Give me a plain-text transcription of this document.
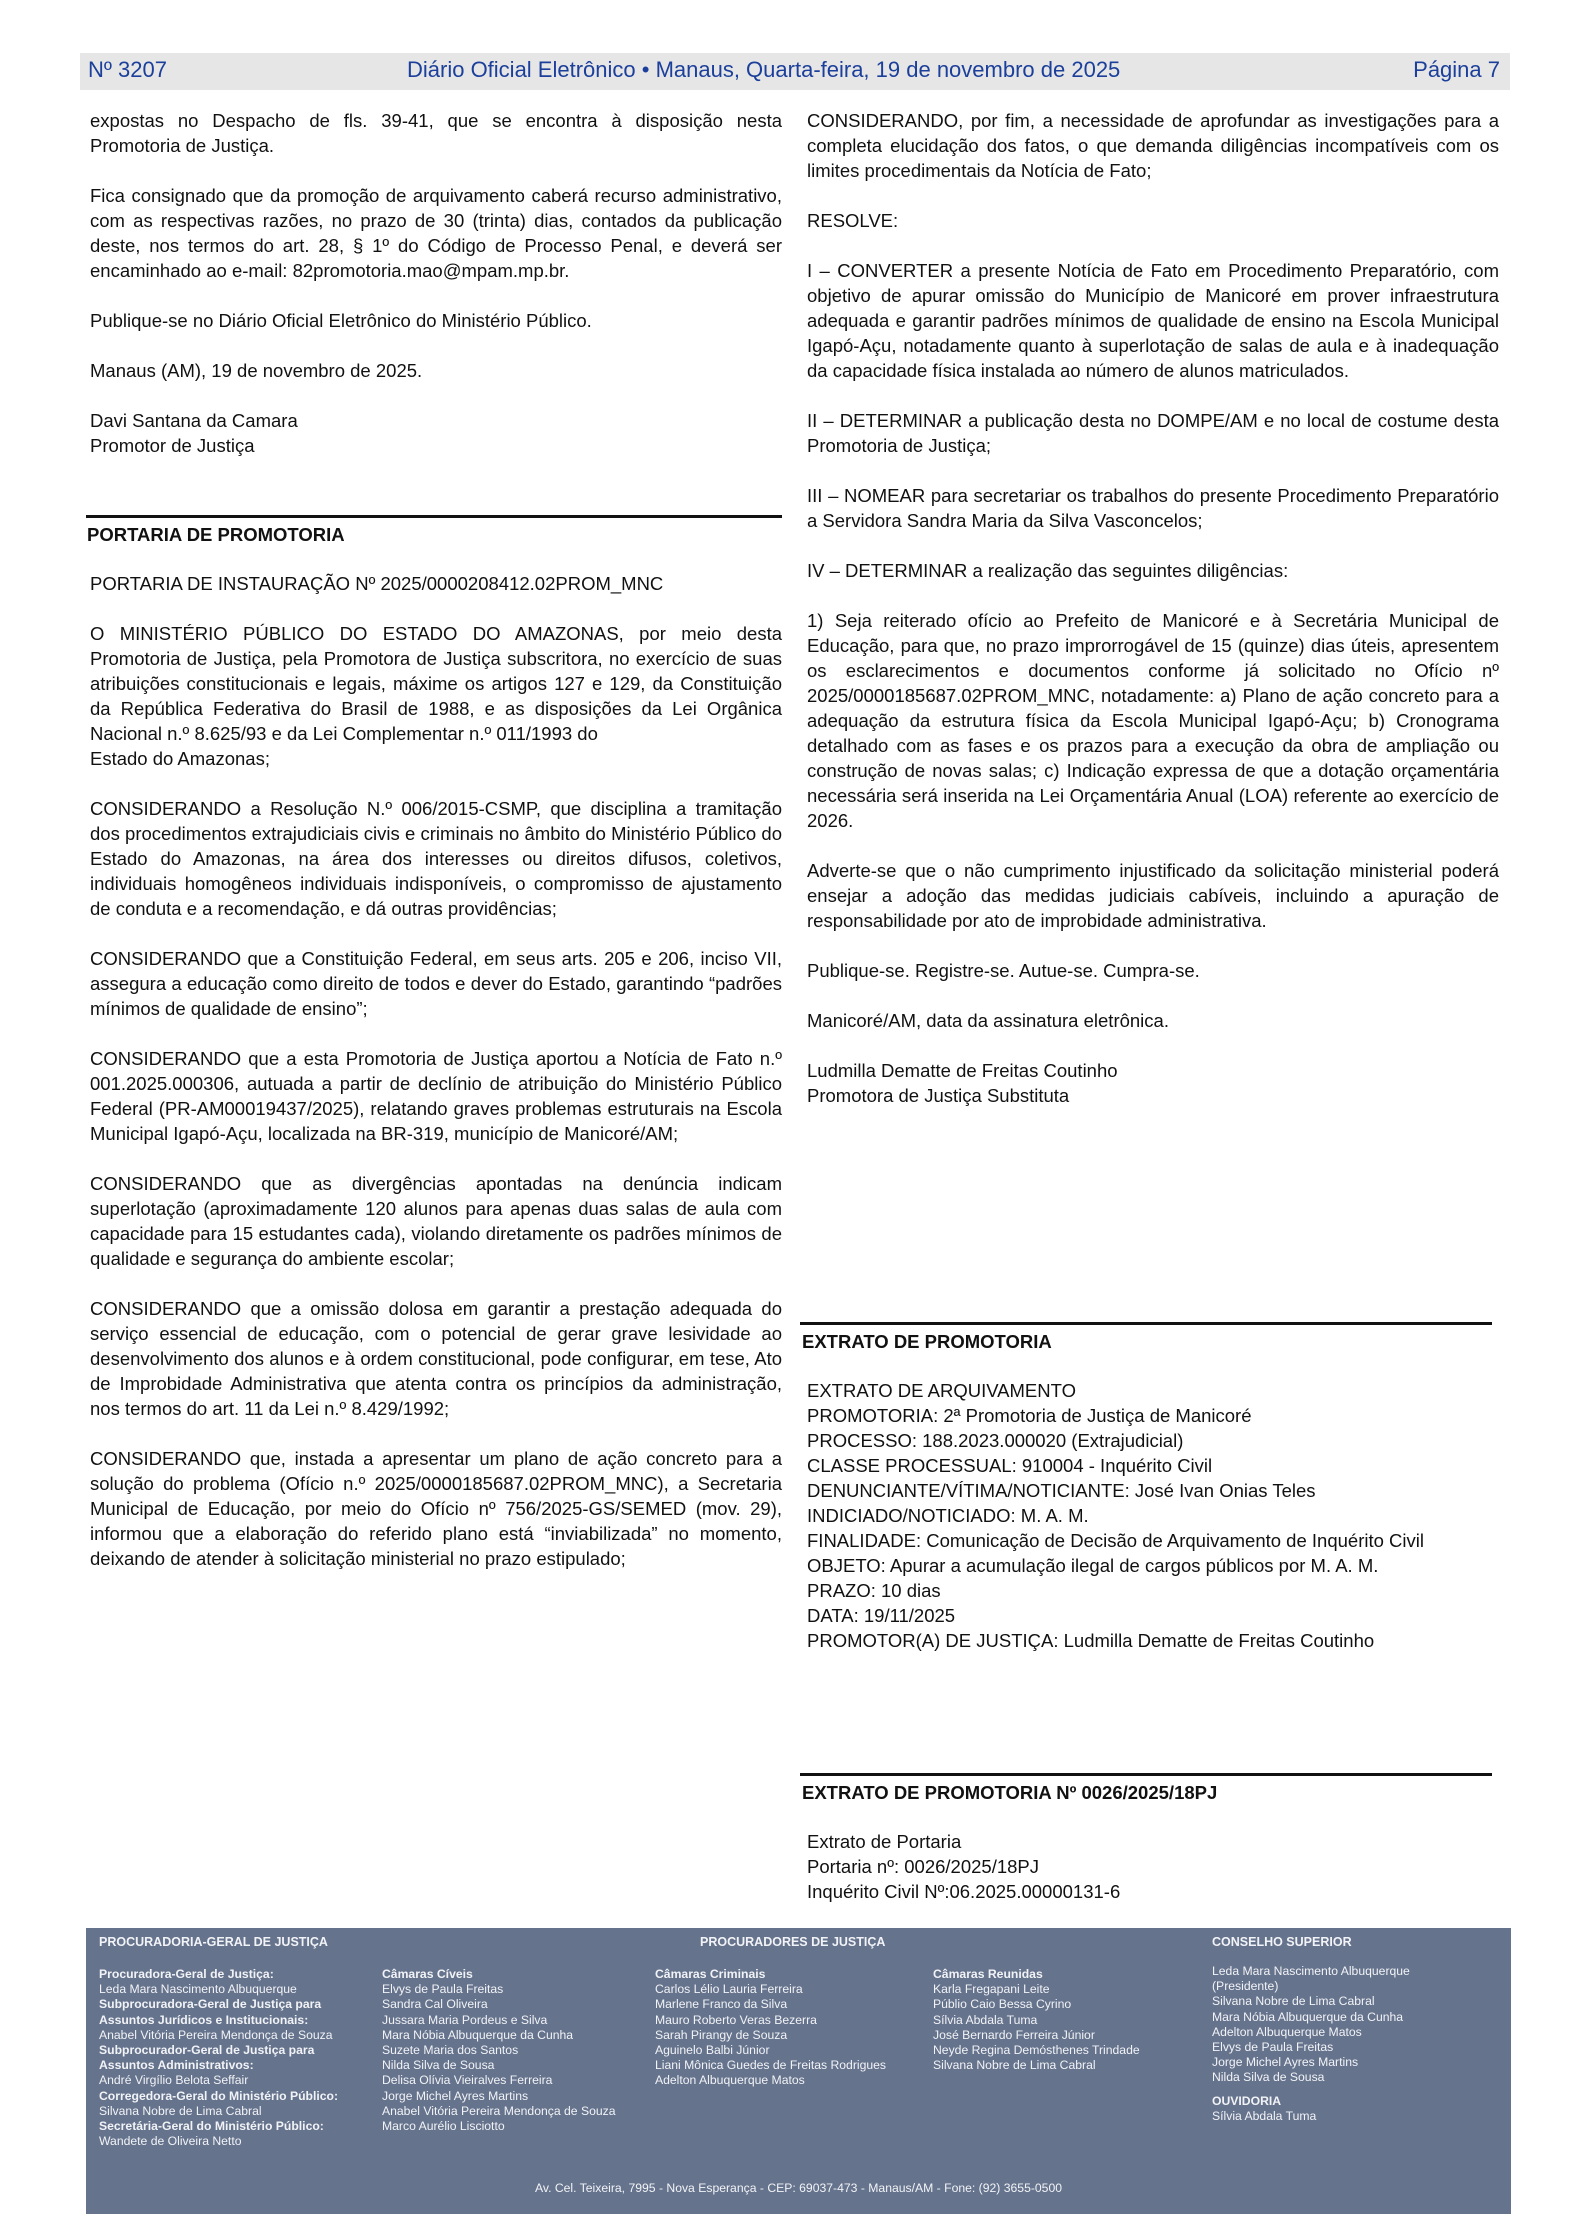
Nº 3207	Diário Oficial Eletrônico • Manaus, Quarta-feira, 19 de novembro de 2025	Página 7

expostas no Despacho de fls. 39-41, que se encontra à disposição nesta Promotoria de Justiça.

Fica consignado que da promoção de arquivamento caberá recurso administrativo, com as respectivas razões, no prazo de 30 (trinta) dias, contados da publicação deste, nos termos do art. 28, § 1º do Código de Processo Penal, e deverá ser encaminhado ao e-mail: 82promotoria.mao@mpam.mp.br.

Publique-se no Diário Oficial Eletrônico do Ministério Público.

Manaus (AM), 19 de novembro de 2025.

Davi Santana da Camara
Promotor de Justiça
PORTARIA DE PROMOTORIA

PORTARIA DE INSTAURAÇÃO Nº 2025/0000208412.02PROM_MNC

O MINISTÉRIO PÚBLICO DO ESTADO DO AMAZONAS, por meio desta Promotoria de Justiça, pela Promotora de Justiça subscritora, no exercício de suas atribuições constitucionais e legais, máxime os artigos 127 e 129, da Constituição da República Federativa do Brasil de 1988, e as disposições da Lei Orgânica Nacional n.º 8.625/93 e da Lei Complementar n.º 011/1993 do

Estado do Amazonas;

CONSIDERANDO a Resolução N.º 006/2015-CSMP, que disciplina a tramitação dos procedimentos extrajudiciais civis e criminais no âmbito do Ministério Público do Estado do Amazonas, na área dos interesses ou direitos difusos, coletivos, individuais homogêneos individuais indisponíveis, o compromisso de ajustamento de conduta e a recomendação, e dá outras providências;

CONSIDERANDO que a Constituição Federal, em seus arts. 205 e 206, inciso VII, assegura a educação como direito de todos e dever do Estado, garantindo “padrões mínimos de qualidade de ensino”;

CONSIDERANDO que a esta Promotoria de Justiça aportou a Notícia de Fato n.º 001.2025.000306, autuada a partir de declínio de atribuição do Ministério Público Federal (PR-AM00019437/2025), relatando graves problemas estruturais na Escola Municipal Igapó-Açu, localizada na BR-319, município de Manicoré/AM;

CONSIDERANDO que as divergências apontadas na denúncia indicam superlotação (aproximadamente 120 alunos para apenas duas salas de aula com capacidade para 15 estudantes cada), violando diretamente os padrões mínimos de qualidade e segurança do ambiente escolar;

CONSIDERANDO que a omissão dolosa em garantir a prestação adequada do serviço essencial de educação, com o potencial de gerar grave lesividade ao desenvolvimento dos alunos e à ordem constitucional, pode configurar, em tese, Ato de Improbidade Administrativa que atenta contra os princípios da administração, nos termos do art. 11 da Lei n.º 8.429/1992;

CONSIDERANDO que, instada a apresentar um plano de ação concreto para a solução do problema (Ofício n.º 2025/0000185687.02PROM_MNC), a Secretaria Municipal de Educação, por meio do Ofício nº 756/2025-GS/SEMED (mov. 29), informou que a elaboração do referido plano está “inviabilizada” no momento, deixando de atender à solicitação ministerial no prazo estipulado;

CONSIDERANDO, por fim, a necessidade de aprofundar as investigações para a completa elucidação dos fatos, o que demanda diligências incompatíveis com os limites procedimentais da Notícia de Fato;

RESOLVE:

I – CONVERTER a presente Notícia de Fato em Procedimento Preparatório, com objetivo de apurar omissão do Município de Manicoré em prover infraestrutura adequada e garantir padrões mínimos de qualidade de ensino na Escola Municipal Igapó-Açu, notadamente quanto à superlotação de salas de aula e à inadequação da capacidade física instalada ao número de alunos matriculados.

II – DETERMINAR a publicação desta no DOMPE/AM e no local de costume desta Promotoria de Justiça;

III – NOMEAR para secretariar os trabalhos do presente Procedimento Preparatório a Servidora Sandra Maria da Silva Vasconcelos;

IV – DETERMINAR a realização das seguintes diligências:

1) Seja reiterado ofício ao Prefeito de Manicoré e à Secretária Municipal de Educação, para que, no prazo improrrogável de 15 (quinze) dias úteis, apresentem os esclarecimentos e documentos conforme já solicitado no Ofício nº 2025/0000185687.02PROM_MNC, notadamente: a) Plano de ação concreto para a adequação da estrutura física da Escola Municipal Igapó-Açu; b) Cronograma detalhado com as fases e os prazos para a execução da obra de ampliação ou construção de novas salas; c) Indicação expressa de que a dotação orçamentária necessária será inserida na Lei Orçamentária Anual (LOA) referente ao exercício de 2026.

Adverte-se que o não cumprimento injustificado da solicitação ministerial poderá ensejar a adoção das medidas judiciais cabíveis, incluindo a apuração de responsabilidade por ato de improbidade administrativa.

Publique-se. Registre-se. Autue-se. Cumpra-se.

Manicoré/AM, data da assinatura eletrônica.

Ludmilla Dematte de Freitas Coutinho
Promotora de Justiça Substituta
EXTRATO DE PROMOTORIA
EXTRATO DE ARQUIVAMENTO
PROMOTORIA: 2ª Promotoria de Justiça de Manicoré
PROCESSO: 188.2023.000020 (Extrajudicial)
CLASSE PROCESSUAL: 910004 - Inquérito Civil
DENUNCIANTE/VÍTIMA/NOTICIANTE: José Ivan Onias Teles
INDICIADO/NOTICIADO: M. A. M.
FINALIDADE: Comunicação de Decisão de Arquivamento de Inquérito Civil
OBJETO: Apurar a acumulação ilegal de cargos públicos por M. A. M.
PRAZO: 10 dias
DATA: 19/11/2025
PROMOTOR(A) DE JUSTIÇA: Ludmilla Dematte de Freitas Coutinho
EXTRATO DE PROMOTORIA Nº 0026/2025/18PJ
Extrato de Portaria
Portaria nº: 0026/2025/18PJ
Inquérito Civil Nº:06.2025.00000131-6
PROCURADORIA-GERAL DE JUSTIÇA
Procuradora-Geral de Justiça:
Leda Mara Nascimento Albuquerque
Subprocuradora-Geral de Justiça para Assuntos Jurídicos e Institucionais:
Anabel Vitória Pereira Mendonça de Souza
Subprocurador-Geral de Justiça para Assuntos Administrativos:
André Virgílio Belota Seffair
Corregedora-Geral do Ministério Público:
Silvana Nobre de Lima Cabral
Secretária-Geral do Ministério Público:
Wandete de Oliveira Netto
PROCURADORES DE JUSTIÇA
Câmaras Cíveis
Elvys de Paula Freitas
Sandra Cal Oliveira
Jussara Maria Pordeus e Silva
Mara Nóbia Albuquerque da Cunha
Suzete Maria dos Santos
Nilda Silva de Sousa
Delisa Olívia Vieiralves Ferreira
Jorge Michel Ayres Martins
Anabel Vitória Pereira Mendonça de Souza
Marco Aurélio Lisciotto
Câmaras Criminais
Carlos Lélio Lauria Ferreira
Marlene Franco da Silva
Mauro Roberto Veras Bezerra
Sarah Pirangy de Souza
Aguinelo Balbi Júnior
Liani Mônica Guedes de Freitas Rodrigues
Adelton Albuquerque Matos
Câmaras Reunidas
Karla Fregapani Leite
Públio Caio Bessa Cyrino
Sílvia Abdala Tuma
José Bernardo Ferreira Júnior
Neyde Regina Demósthenes Trindade
Silvana Nobre de Lima Cabral
CONSELHO SUPERIOR
Leda Mara Nascimento Albuquerque
(Presidente)
Silvana Nobre de Lima Cabral
Mara Nóbia Albuquerque da Cunha
Adelton Albuquerque Matos
Elvys de Paula Freitas
Jorge Michel Ayres Martins
Nilda Silva de Sousa
OUVIDORIA
Sílvia Abdala Tuma
Av. Cel. Teixeira, 7995 - Nova Esperança - CEP: 69037-473 - Manaus/AM - Fone: (92) 3655-0500
